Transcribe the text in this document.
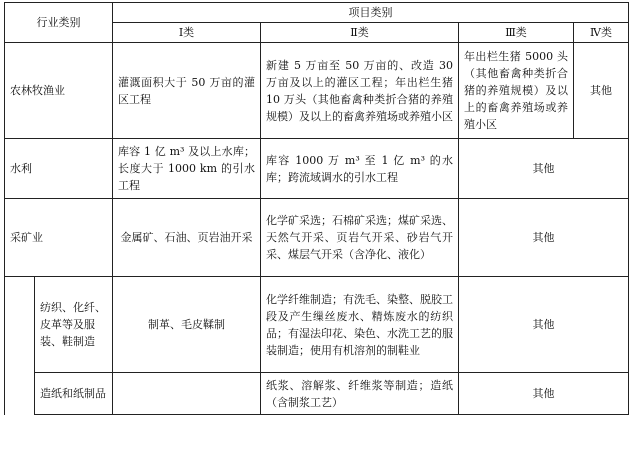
行业类别		项目类别			
		Ⅰ类	Ⅱ类	Ⅲ类	Ⅳ类
农林牧渔业		灌溉面积大于 50 万亩的灌区工程	新建 5 万亩至 50 万亩的、改造 30 万亩及以上的灌区工程；年出栏生猪 10 万头（其他畜禽种类折合猪的养殖规模）及以上的畜禽养殖场或养殖小区	年出栏生猪 5000 头（其他畜禽种类折合猪的养殖规模）及以上的畜禽养殖场或养殖小区	其他
水利		库容 1 亿 m³ 及以上水库；长度大于 1000 km 的引水工程	库容 1000 万 m³ 至 1 亿 m³ 的水库；跨流域调水的引水工程	其他	
采矿业		金属矿、石油、页岩油开采	化学矿采选；石棉矿采选；煤矿采选、天然气开采、页岩气开采、砂岩气开采、煤层气开采（含净化、液化）	其他	
	纺织、化纤、皮革等及服装、鞋制造	制革、毛皮鞣制	化学纤维制造；有洗毛、染整、脱胶工段及产生缫丝废水、精炼废水的纺织品；有湿法印花、染色、水洗工艺的服装制造；使用有机溶剂的制鞋业	其他	
	造纸和纸制品		纸浆、溶解浆、纤维浆等制造；造纸（含制浆工艺）	其他	
